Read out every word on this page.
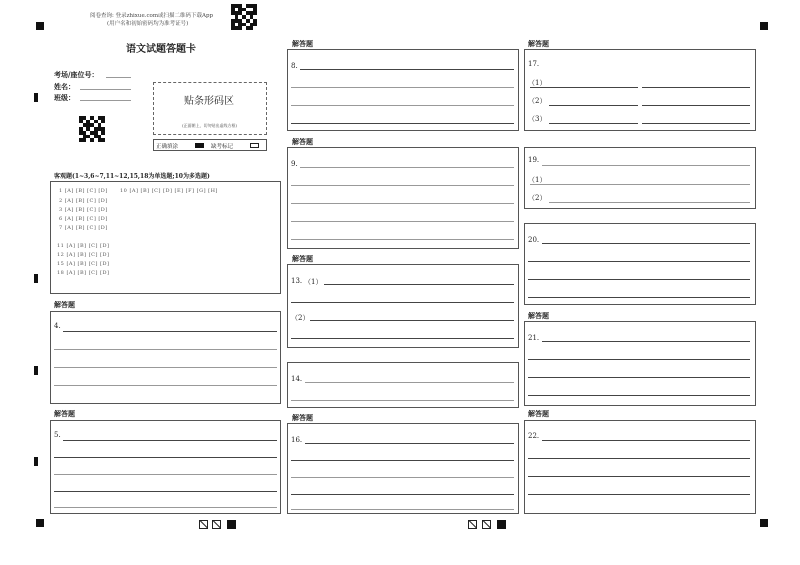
阅卷查询: 登录zhixue.com或扫描二维码下载App
(用户名和初始密码均为准考证号)
语文试题答题卡
考场/座位号：
姓名：
班级：	贴条形码区
(正面朝上，切勿贴出虚线方框)
正确填涂	缺考标记
客观题(1~3,6~7,11~12,15,18为单选题;10为多选题)
1 [A] [B] [C] [D] 10 [A] [B] [C] [D] [E] [F] [G] [H]
2 [A] [B] [C] [D]
3 [A] [B] [C] [D]
6 [A] [B] [C] [D]
7 [A] [B] [C] [D]
11 [A] [B] [C] [D]
12 [A] [B] [C] [D]
15 [A] [B] [C] [D]
18 [A] [B] [C] [D]
解答题
4.
解答题
5.
解答题
8.
解答题
9.
解答题
13. （1）
（2）
14.
解答题
16.
解答题
17.
（1）
（2）
（3）
19.
（1）
（2）
20.
解答题
21.
解答题
22.
